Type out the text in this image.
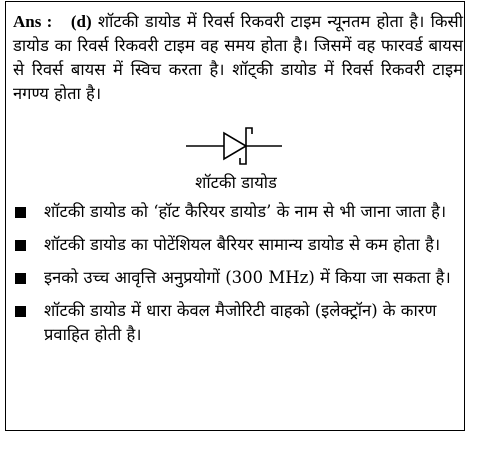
Ans : (d) शॉटकी डायोड में रिवर्स रिकवरी टाइम न्यूनतम होता है। किसी डायोड का रिवर्स रिकवरी टाइम वह समय होता है। जिसमें वह फारवर्ड बायस से रिवर्स बायस में स्विच करता है। शॉट्की डायोड में रिवर्स रिकवरी टाइम नगण्य होता है।
शॉटकी डायोड
शॉटकी डायोड को ‘हॉट कैरियर डायोड’ के नाम से भी जाना जाता है।
शॉटकी डायोड का पोटेंशियल बैरियर सामान्य डायोड से कम होता है।
इनको उच्च आवृत्ति अनुप्रयोगों (300 MHz) में किया जा सकता है।
शॉटकी डायोड में धारा केवल मैजोरिटी वाहको (इलेक्ट्रॉन) के कारण प्रवाहित होती है।
